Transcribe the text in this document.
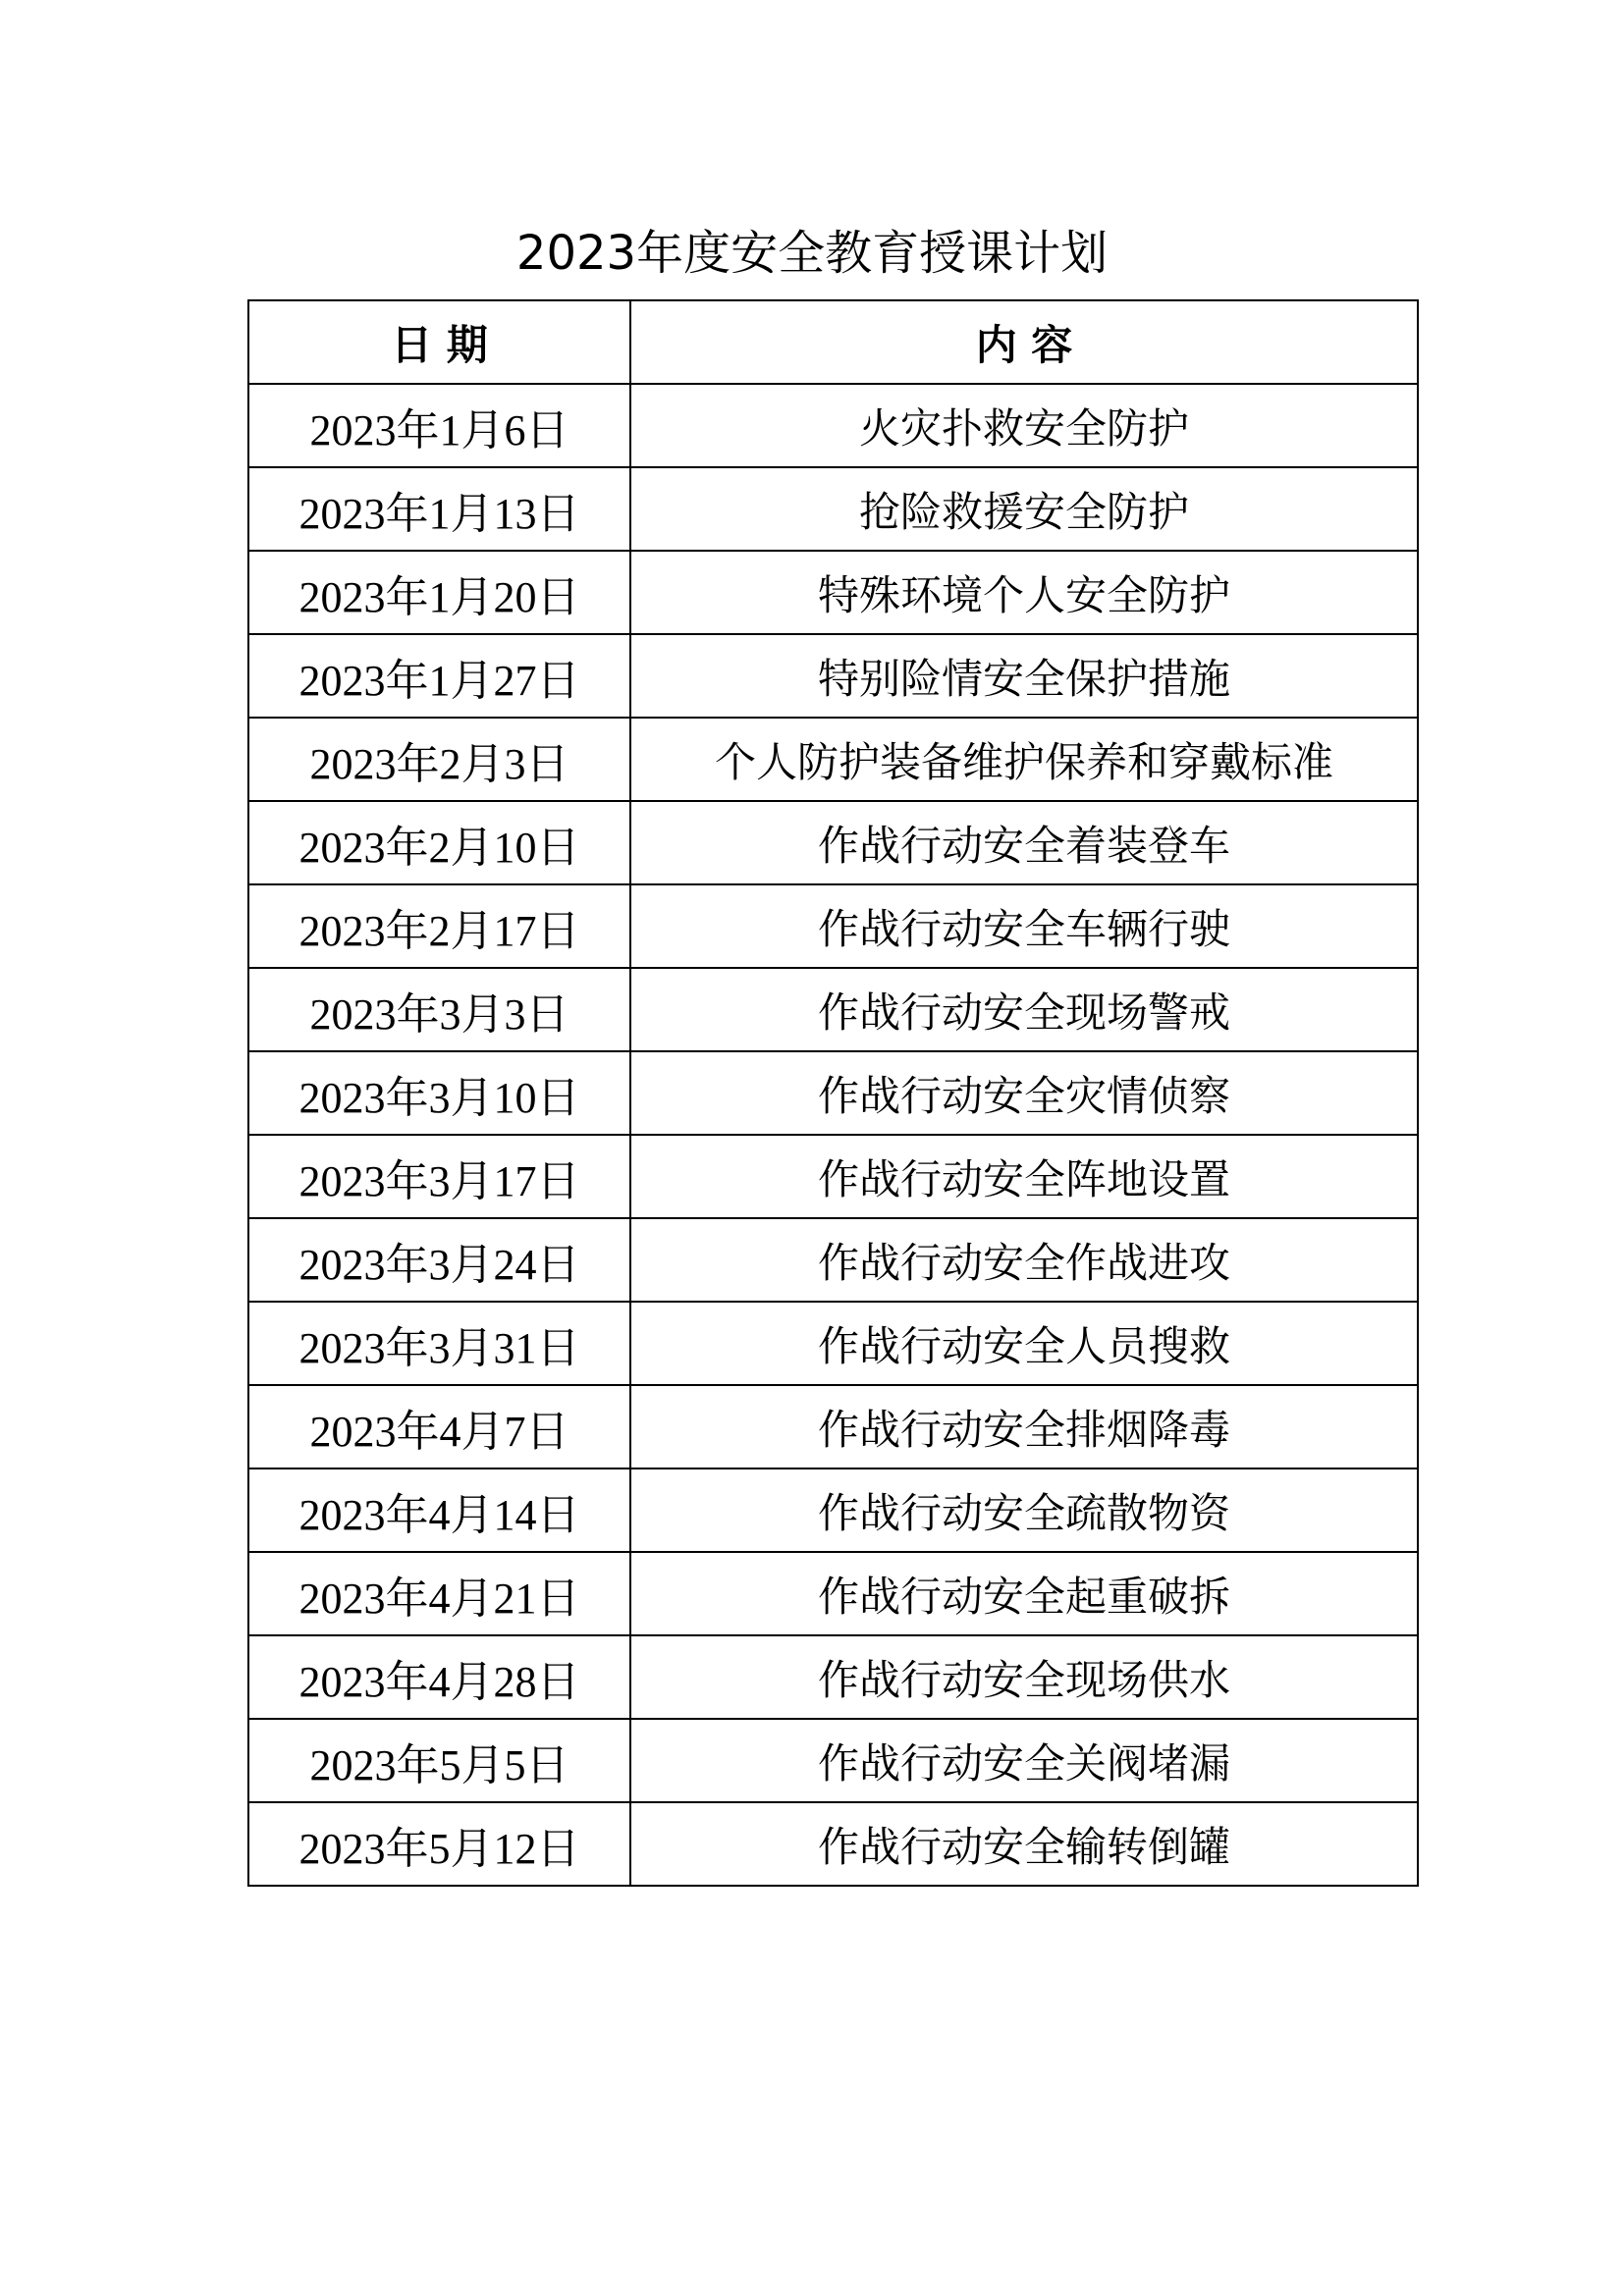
2023年度安全教育授课计划
日 期	内 容
2023年1月6日	火灾扑救安全防护
2023年1月13日	抢险救援安全防护
2023年1月20日	特殊环境个人安全防护
2023年1月27日	特别险情安全保护措施
2023年2月3日	个人防护装备维护保养和穿戴标准
2023年2月10日	作战行动安全着装登车
2023年2月17日	作战行动安全车辆行驶
2023年3月3日	作战行动安全现场警戒
2023年3月10日	作战行动安全灾情侦察
2023年3月17日	作战行动安全阵地设置
2023年3月24日	作战行动安全作战进攻
2023年3月31日	作战行动安全人员搜救
2023年4月7日	作战行动安全排烟降毒
2023年4月14日	作战行动安全疏散物资
2023年4月21日	作战行动安全起重破拆
2023年4月28日	作战行动安全现场供水
2023年5月5日	作战行动安全关阀堵漏
2023年5月12日	作战行动安全输转倒罐
